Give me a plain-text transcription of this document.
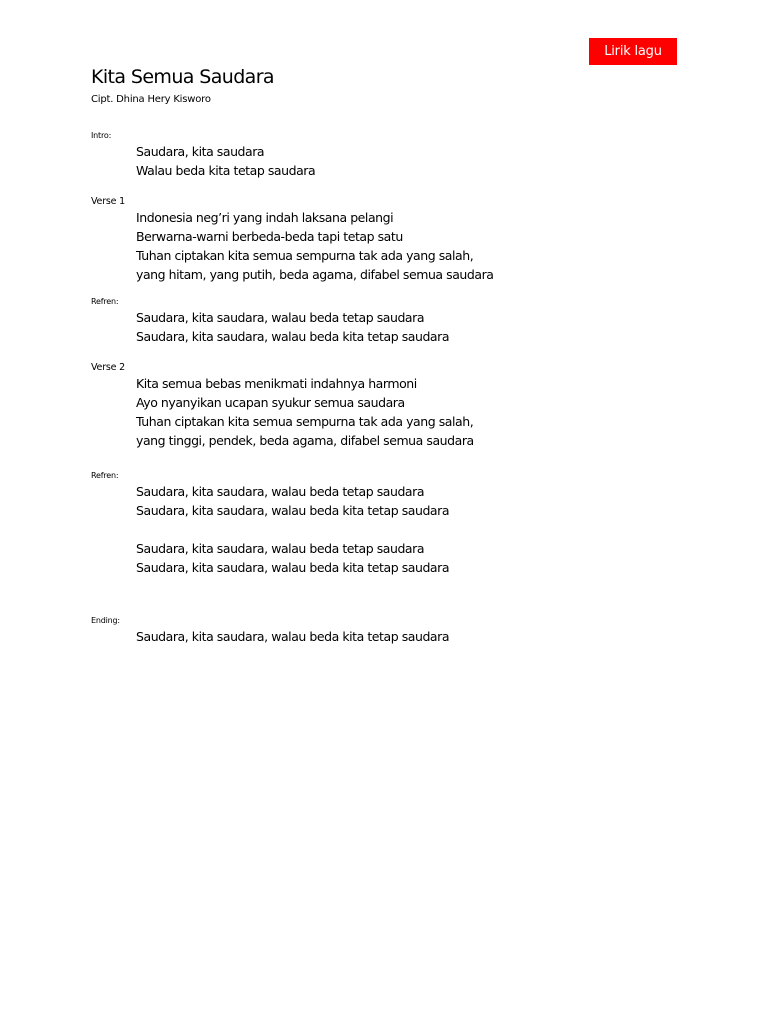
Lirik lagu
Kita Semua Saudara
Cipt. Dhina Hery Kisworo
Intro:
Saudara, kita saudara
Walau beda kita tetap saudara
Verse 1
Indonesia neg’ri yang indah laksana pelangi
Berwarna-warni berbeda-beda tapi tetap satu
Tuhan ciptakan kita semua sempurna tak ada yang salah,
yang hitam, yang putih, beda agama, difabel semua saudara
Refren:
Saudara, kita saudara, walau beda tetap saudara
Saudara, kita saudara, walau beda kita tetap saudara
Verse 2
Kita semua bebas menikmati indahnya harmoni
Ayo nyanyikan ucapan syukur semua saudara
Tuhan ciptakan kita semua sempurna tak ada yang salah,
yang tinggi, pendek, beda agama, difabel semua saudara
Refren:
Saudara, kita saudara, walau beda tetap saudara
Saudara, kita saudara, walau beda kita tetap saudara
Saudara, kita saudara, walau beda tetap saudara
Saudara, kita saudara, walau beda kita tetap saudara
Ending:
Saudara, kita saudara, walau beda kita tetap saudara
